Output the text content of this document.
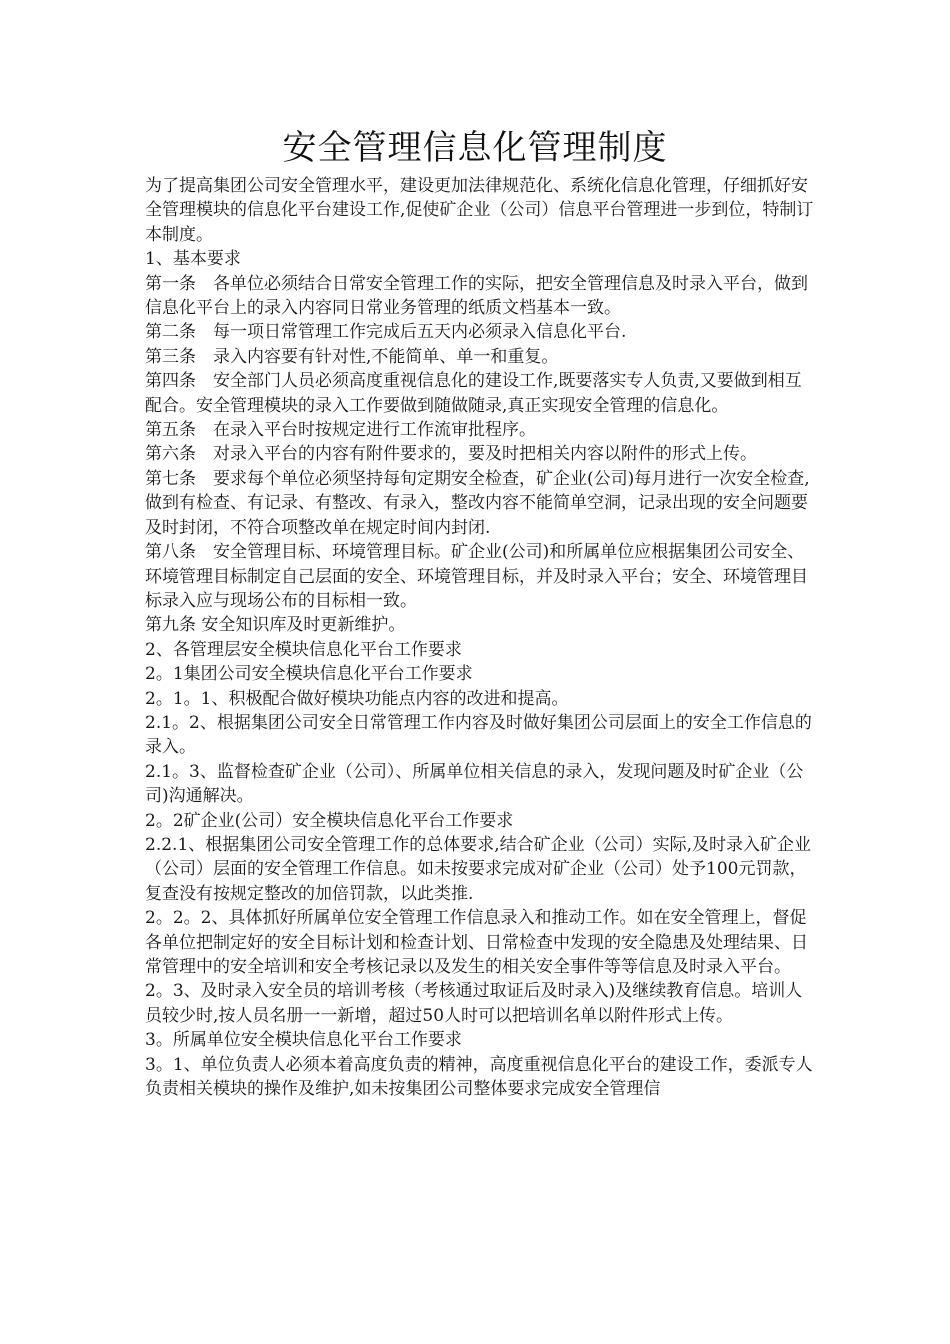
安全管理信息化管理制度

为了提高集团公司安全管理水平，建设更加法律规范化、系统化信息化管理，仔细抓好安全管理模块的信息化平台建设工作,促使矿企业（公司）信息平台管理进一步到位，特制订本制度。

1、基本要求

第一条　各单位必须结合日常安全管理工作的实际，把安全管理信息及时录入平台，做到信息化平台上的录入内容同日常业务管理的纸质文档基本一致。

第二条　每一项日常管理工作完成后五天内必须录入信息化平台.

第三条　录入内容要有针对性,不能简单、单一和重复。

第四条　安全部门人员必须高度重视信息化的建设工作,既要落实专人负责,又要做到相互配合。安全管理模块的录入工作要做到随做随录,真正实现安全管理的信息化。

第五条　在录入平台时按规定进行工作流审批程序。

第六条　对录入平台的内容有附件要求的，要及时把相关内容以附件的形式上传。

第七条　要求每个单位必须坚持每旬定期安全检查，矿企业(公司)每月进行一次安全检查,做到有检查、有记录、有整改、有录入，整改内容不能简单空洞，记录出现的安全问题要及时封闭，不符合项整改单在规定时间内封闭.

第八条　安全管理目标、环境管理目标。矿企业(公司)和所属单位应根据集团公司安全、环境管理目标制定自己层面的安全、环境管理目标，并及时录入平台；安全、环境管理目标录入应与现场公布的目标相一致。

第九条 安全知识库及时更新维护。

2、各管理层安全模块信息化平台工作要求

2。1集团公司安全模块信息化平台工作要求

2。1。1、积极配合做好模块功能点内容的改进和提高。

2.1。2、根据集团公司安全日常管理工作内容及时做好集团公司层面上的安全工作信息的录入。

2.1。3、监督检查矿企业（公司）、所属单位相关信息的录入，发现问题及时矿企业（公司)沟通解决。

2。2矿企业(公司）安全模块信息化平台工作要求

2.2.1、根据集团公司安全管理工作的总体要求,结合矿企业（公司）实际,及时录入矿企业（公司）层面的安全管理工作信息。如未按要求完成对矿企业（公司）处予100元罚款，复查没有按规定整改的加倍罚款，以此类推.

2。2。2、具体抓好所属单位安全管理工作信息录入和推动工作。如在安全管理上，督促各单位把制定好的安全目标计划和检查计划、日常检查中发现的安全隐患及处理结果、日常管理中的安全培训和安全考核记录以及发生的相关安全事件等等信息及时录入平台。

2。3、及时录入安全员的培训考核（考核通过取证后及时录入)及继续教育信息。培训人员较少时,按人员名册一一新增，超过50人时可以把培训名单以附件形式上传。

3。所属单位安全模块信息化平台工作要求

3。1、单位负责人必须本着高度负责的精神，高度重视信息化平台的建设工作，委派专人负责相关模块的操作及维护,如未按集团公司整体要求完成安全管理信
